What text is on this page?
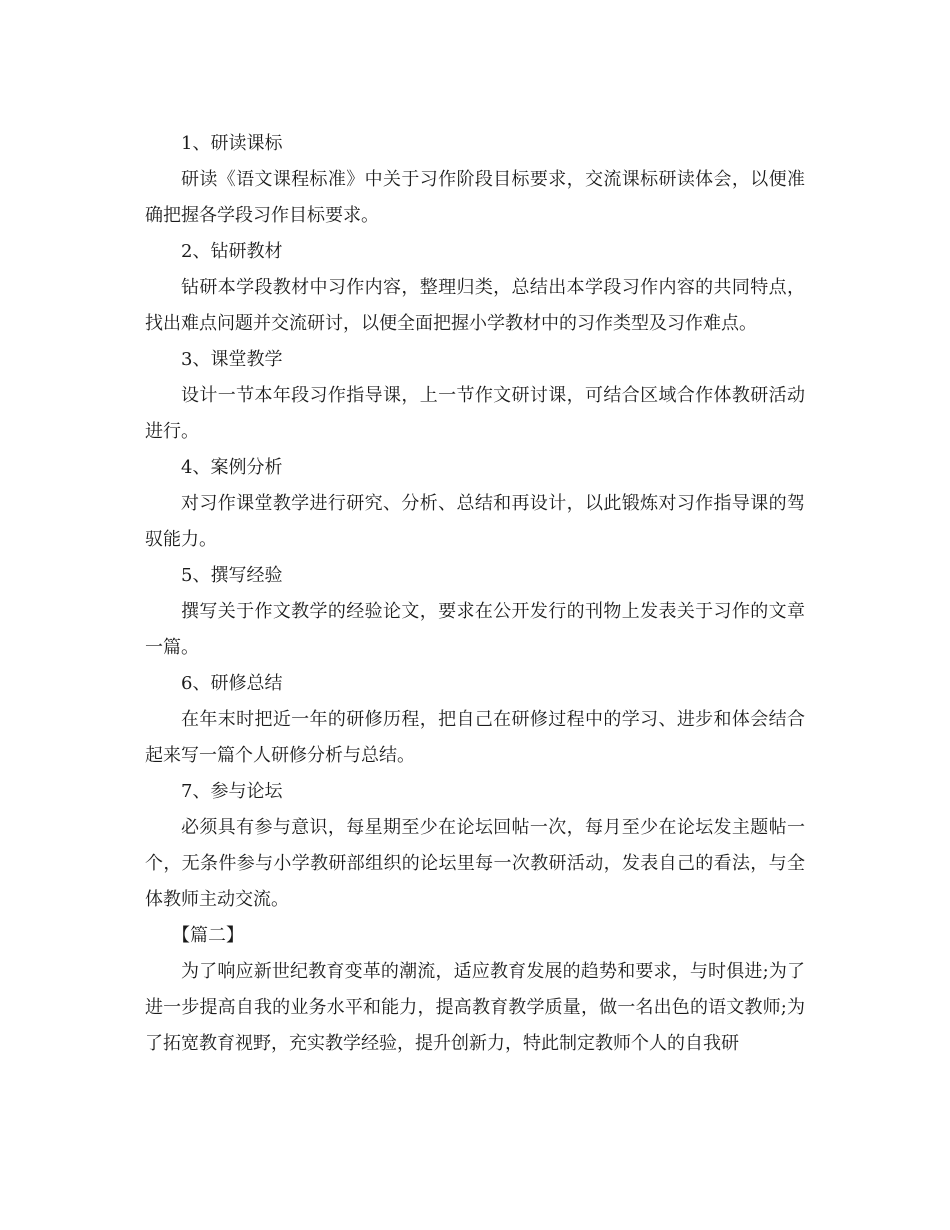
1、研读课标

研读《语文课程标准》中关于习作阶段目标要求，交流课标研读体会，以便准确把握各学段习作目标要求。

2、钻研教材

钻研本学段教材中习作内容，整理归类，总结出本学段习作内容的共同特点，找出难点问题并交流研讨，以便全面把握小学教材中的习作类型及习作难点。

3、课堂教学

设计一节本年段习作指导课，上一节作文研讨课，可结合区域合作体教研活动进行。

4、案例分析

对习作课堂教学进行研究、分析、总结和再设计，以此锻炼对习作指导课的驾驭能力。

5、撰写经验

撰写关于作文教学的经验论文，要求在公开发行的刊物上发表关于习作的文章一篇。

6、研修总结

在年末时把近一年的研修历程，把自己在研修过程中的学习、进步和体会结合起来写一篇个人研修分析与总结。

7、参与论坛

必须具有参与意识，每星期至少在论坛回帖一次，每月至少在论坛发主题帖一个，无条件参与小学教研部组织的论坛里每一次教研活动，发表自己的看法，与全体教师主动交流。

【篇二】

为了响应新世纪教育变革的潮流，适应教育发展的趋势和要求，与时俱进;为了进一步提高自我的业务水平和能力，提高教育教学质量，做一名出色的语文教师;为了拓宽教育视野，充实教学经验，提升创新力，特此制定教师个人的自我研
